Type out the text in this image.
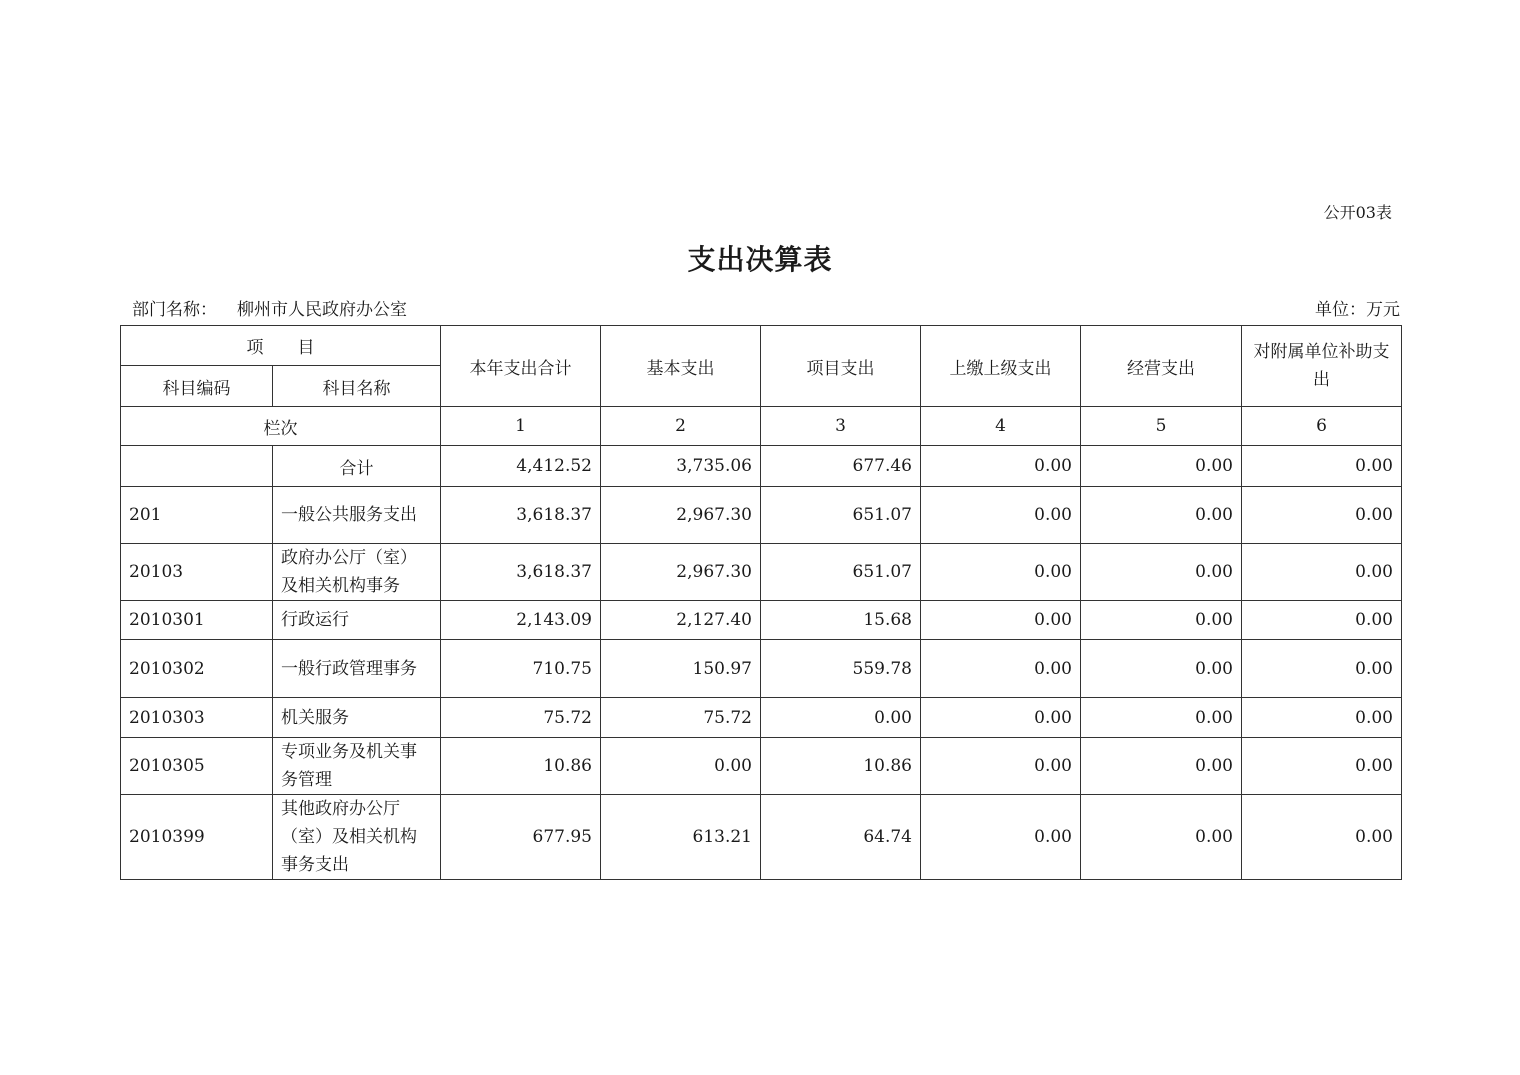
公开03表
支出决算表
部门名称： 柳州市人民政府办公室	单位：万元
项　　目		本年支出合计	基本支出	项目支出	上缴上级支出	经营支出	对附属单位补助支出
科目编码	科目名称						
栏次		1	2	3	4	5	6
	合计	4,412.52	3,735.06	677.46	0.00	0.00	0.00
201	一般公共服务支出	3,618.37	2,967.30	651.07	0.00	0.00	0.00
20103	政府办公厅（室）及相关机构事务	3,618.37	2,967.30	651.07	0.00	0.00	0.00
2010301	行政运行	2,143.09	2,127.40	15.68	0.00	0.00	0.00
2010302	一般行政管理事务	710.75	150.97	559.78	0.00	0.00	0.00
2010303	机关服务	75.72	75.72	0.00	0.00	0.00	0.00
2010305	专项业务及机关事务管理	10.86	0.00	10.86	0.00	0.00	0.00
2010399	其他政府办公厅（室）及相关机构事务支出	677.95	613.21	64.74	0.00	0.00	0.00
